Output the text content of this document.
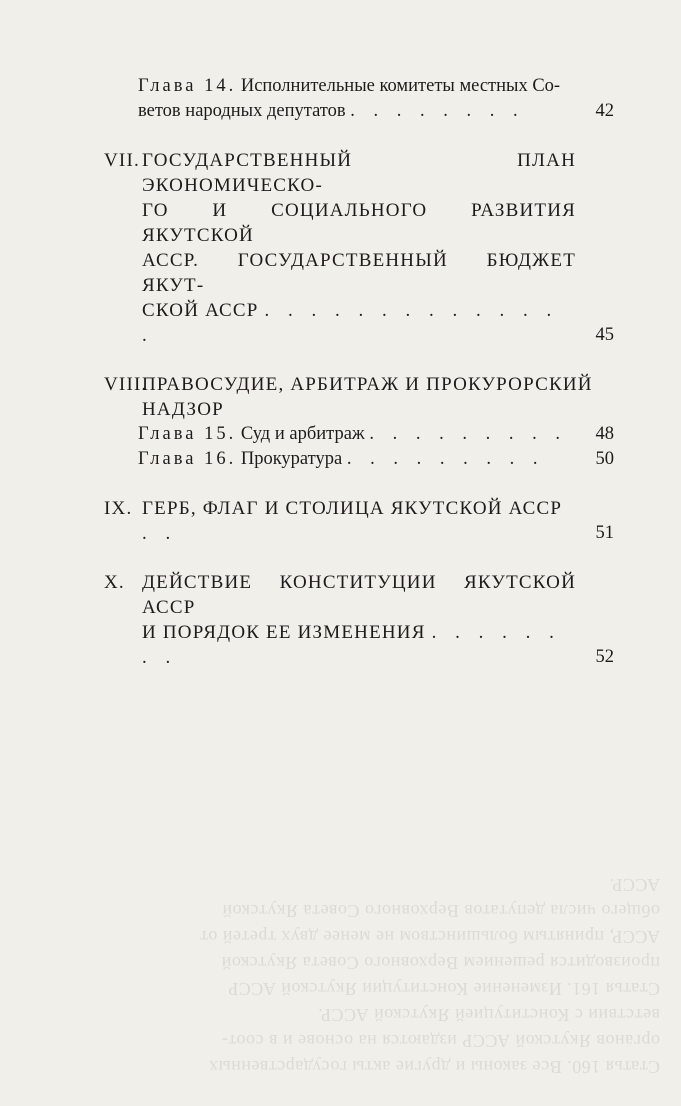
Статья 160. Все законы и другие акты государственных
органов Якутской АССР издаются на основе и в соот-
ветствии с Конституцией Якутской АССР.
Статья 161. Изменение Конституции Якутской АССР
производится решением Верховного Совета Якутской
АССР, принятым большинством не менее двух третей от
общего числа депутатов Верховного Совета Якутской
АССР.
Глава 14. Исполнительные комитеты местных Со-
ветов народных депутатов . . . . . . . .	42
VII. ГОСУДАРСТВЕННЫЙ ПЛАН ЭКОНОМИЧЕСКО-
ГО И СОЦИАЛЬНОГО РАЗВИТИЯ ЯКУТСКОЙ
АССР. ГОСУДАРСТВЕННЫЙ БЮДЖЕТ ЯКУТ-
СКОЙ АССР . . . . . . . . . . . . . .	45
VIII.
ПРАВОСУДИЕ, АРБИТРАЖ И ПРОКУРОРСКИЙ
НАДЗОР
Глава 15. Суд и арбитраж . . . . . . . . . 48
Глава 16. Прокуратура . . . . . . . . .	50
IX. ГЕРБ, ФЛАГ И СТОЛИЦА ЯКУТСКОЙ АССР . .	51
X. ДЕЙСТВИЕ КОНСТИТУЦИИ ЯКУТСКОЙ АССР
И ПОРЯДОК ЕЕ ИЗМЕНЕНИЯ . . . . . . . .	52
